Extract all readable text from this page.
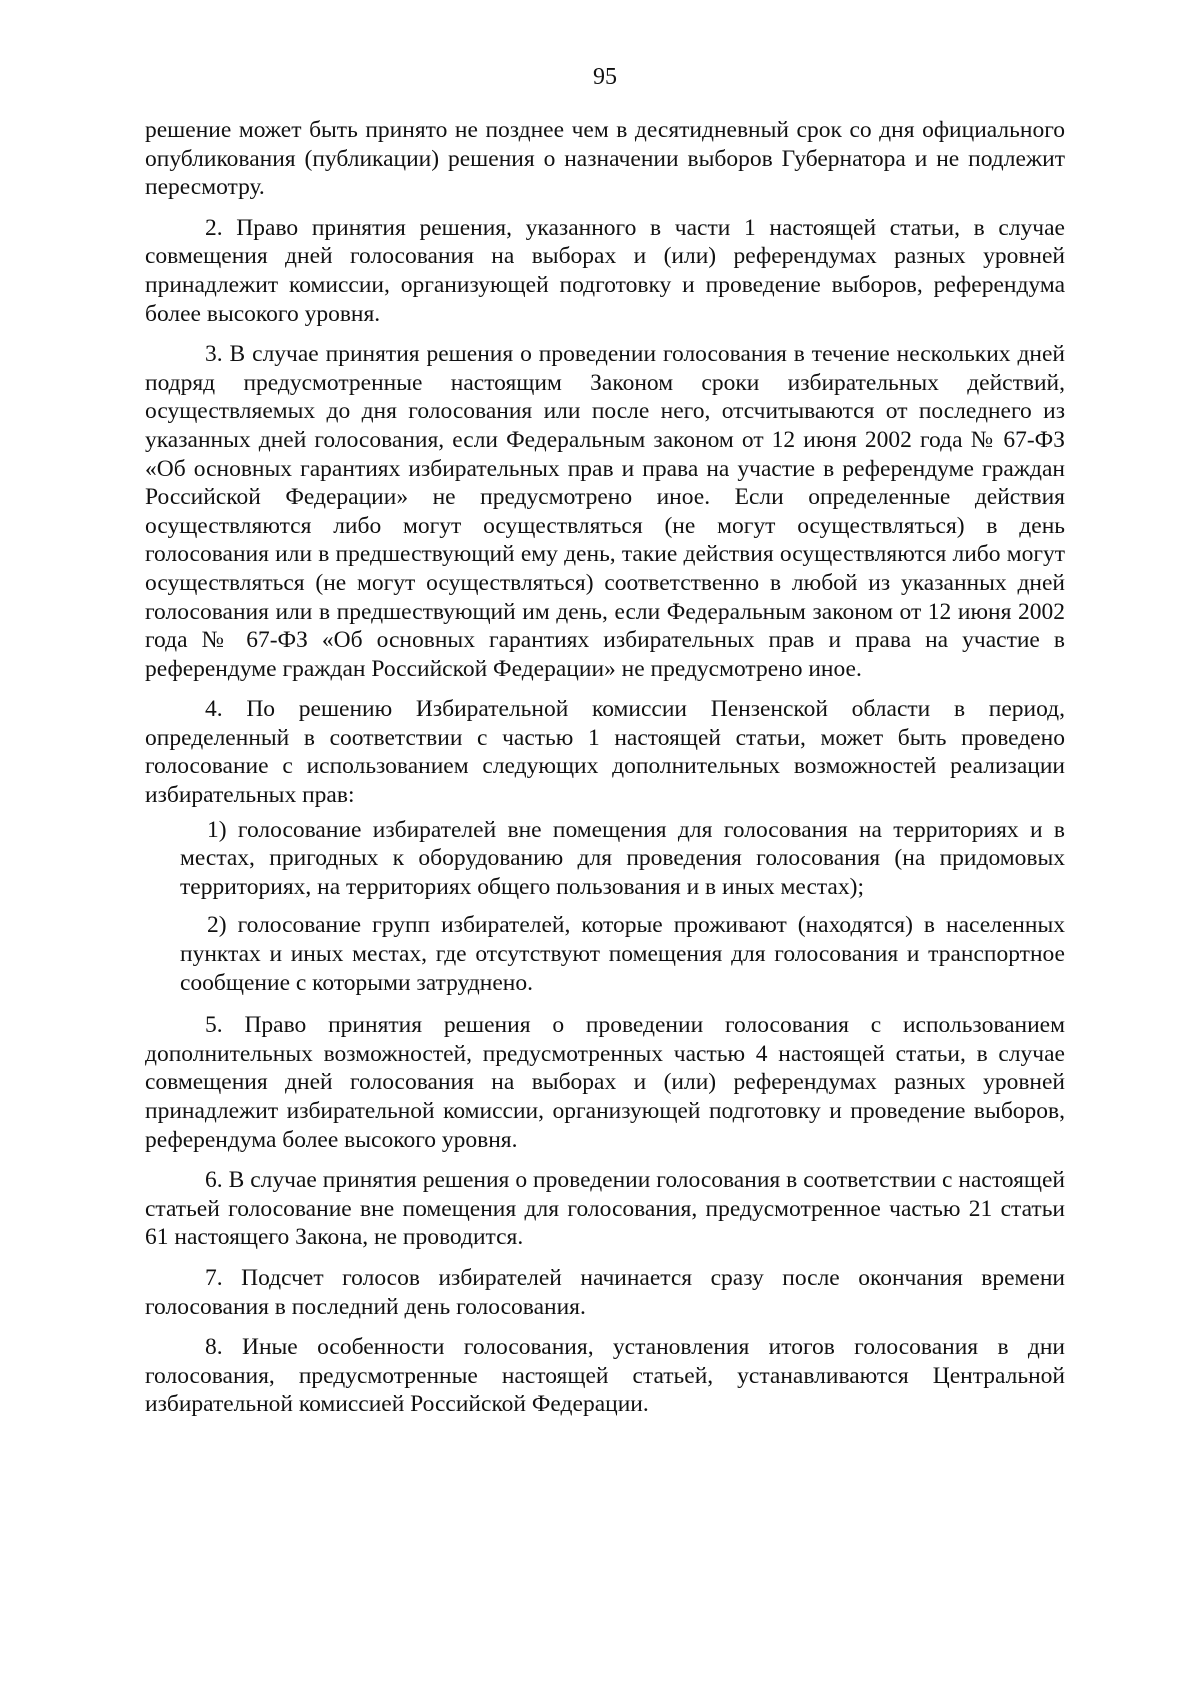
95

решение может быть принято не позднее чем в десятидневный срок со дня официального опубликования (публикации) решения о назначении выборов Губернатора и не подлежит пересмотру.

2. Право принятия решения, указанного в части 1 настоящей статьи, в случае совмещения дней голосования на выборах и (или) референдумах разных уровней принадлежит комиссии, организующей подготовку и проведение выборов, референдума более высокого уровня.

3. В случае принятия решения о проведении голосования в течение нескольких дней подряд предусмотренные настоящим Законом сроки избирательных действий, осуществляемых до дня голосования или после него, отсчитываются от последнего из указанных дней голосования, если Федеральным законом от 12 июня 2002 года № 67-ФЗ «Об основных гарантиях избирательных прав и права на участие в референдуме граждан Российской Федерации» не предусмотрено иное. Если определенные действия осуществляются либо могут осуществляться (не могут осуществляться) в день голосования или в предшествующий ему день, такие действия осуществляются либо могут осуществляться (не могут осуществляться) соответственно в любой из указанных дней голосования или в предшествующий им день, если Федеральным законом от 12 июня 2002 года № 67-ФЗ «Об основных гарантиях избирательных прав и права на участие в референдуме граждан Российской Федерации» не предусмотрено иное.

4. По решению Избирательной комиссии Пензенской области в период, определенный в соответствии с частью 1 настоящей статьи, может быть проведено голосование с использованием следующих дополнительных возможностей реализации избирательных прав:

1) голосование избирателей вне помещения для голосования на территориях и в местах, пригодных к оборудованию для проведения голосования (на придомовых территориях, на территориях общего пользования и в иных местах);

2) голосование групп избирателей, которые проживают (находятся) в населенных пунктах и иных местах, где отсутствуют помещения для голосования и транспортное сообщение с которыми затруднено.

5. Право принятия решения о проведении голосования с использованием дополнительных возможностей, предусмотренных частью 4 настоящей статьи, в случае совмещения дней голосования на выборах и (или) референдумах разных уровней принадлежит избирательной комиссии, организующей подготовку и проведение выборов, референдума более высокого уровня.

6. В случае принятия решения о проведении голосования в соответствии с настоящей статьей голосование вне помещения для голосования, предусмотренное частью 21 статьи 61 настоящего Закона, не проводится.

7. Подсчет голосов избирателей начинается сразу после окончания времени голосования в последний день голосования.

8. Иные особенности голосования, установления итогов голосования в дни голосования, предусмотренные настоящей статьей, устанавливаются Центральной избирательной комиссией Российской Федерации.
